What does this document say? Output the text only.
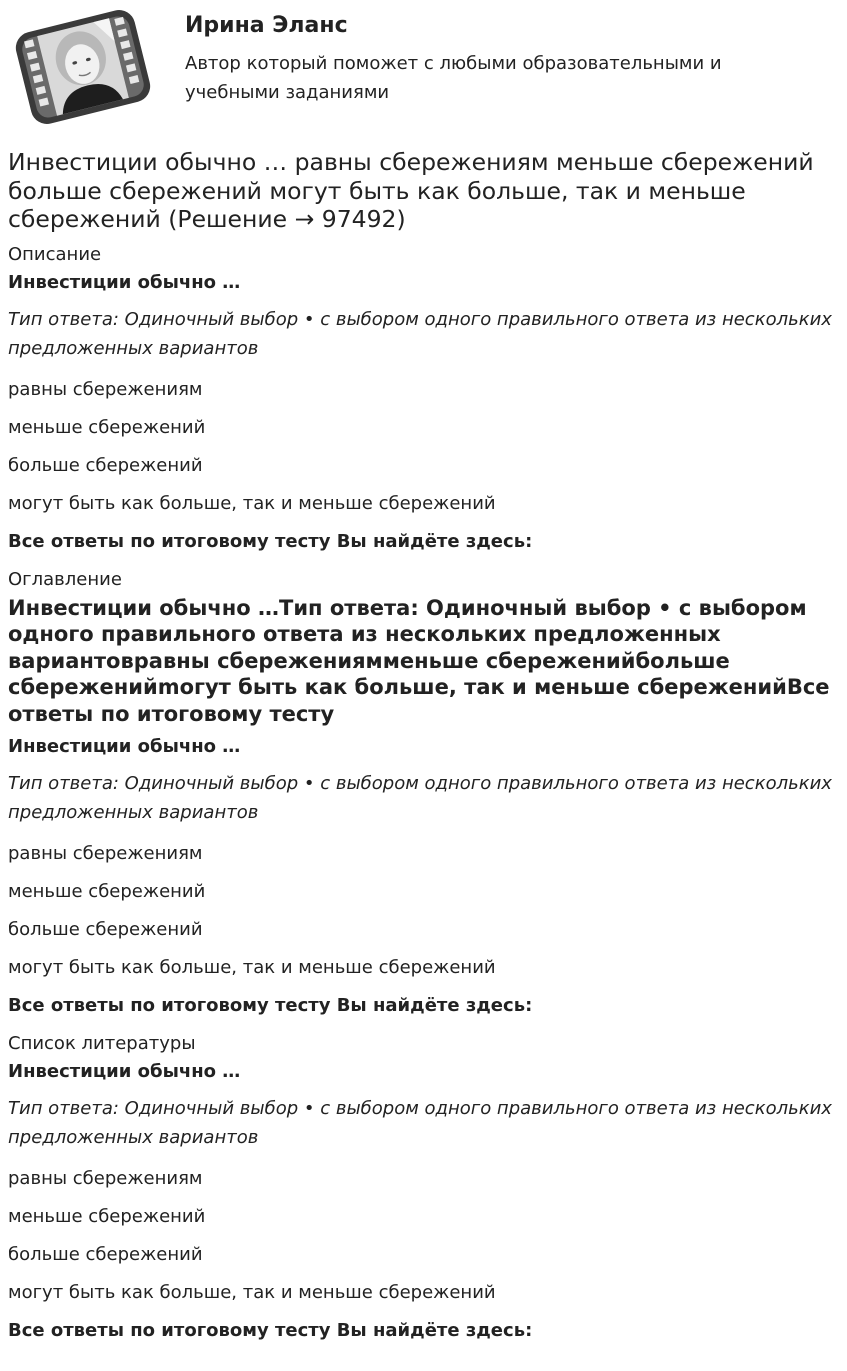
Ирина Эланс
Автор который поможет с любыми образовательными и учебными заданиями
Инвестиции обычно … равны сбережениям меньше сбережений больше сбережений могут быть как больше, так и меньше сбережений (Решение → 97492)
Описание
Инвестиции обычно …
Тип ответа: Одиночный выбор • с выбором одного правильного ответа из нескольких предложенных вариантов
равны сбережениям
меньше сбережений
больше сбережений
могут быть как больше, так и меньше сбережений
Все ответы по итоговому тесту Вы найдёте здесь:
Оглавление
Инвестиции обычно …Тип ответа: Одиночный выбор • с выбором одного правильного ответа из нескольких предложенных вариантовравны сбережениямменьше сбереженийбольше сбереженийmогут быть как больше, так и меньше сбереженийВсе ответы по итоговому тесту
Инвестиции обычно …
Тип ответа: Одиночный выбор • с выбором одного правильного ответа из нескольких предложенных вариантов
равны сбережениям
меньше сбережений
больше сбережений
могут быть как больше, так и меньше сбережений
Все ответы по итоговому тесту Вы найдёте здесь:
Список литературы
Инвестиции обычно …
Тип ответа: Одиночный выбор • с выбором одного правильного ответа из нескольких предложенных вариантов
равны сбережениям
меньше сбережений
больше сбережений
могут быть как больше, так и меньше сбережений
Все ответы по итоговому тесту Вы найдёте здесь:
